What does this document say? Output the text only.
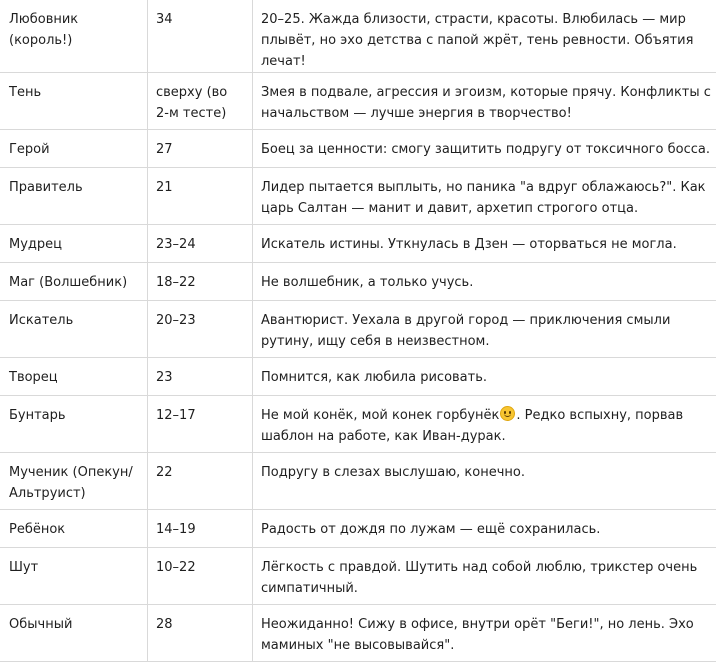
Любовник (король!)	34	20–25. Жажда близости, страсти, красоты. Влюбилась — мир плывёт, но эхо детства с папой жрёт, тень ревности. Объятия лечат!
Тень	сверху (во 2-м тесте)	Змея в подвале, агрессия и эгоизм, которые прячу. Конфликты с начальством — лучше энергия в творчество!
Герой	27	Боец за ценности: смогу защитить подругу от токсичного босса.
Правитель	21	Лидер пытается выплыть, но паника "а вдруг облажаюсь?". Как царь Салтан — манит и давит, архетип строгого отца.
Мудрец	23–24	Искатель истины. Уткнулась в Дзен — оторваться не могла.
Маг (Волшебник)	18–22	Не волшебник, а только учусь.
Искатель	20–23	Авантюрист. Уехала в другой город — приключения смыли рутину, ищу себя в неизвестном.
Творец	23	Помнится, как любила рисовать.
Бунтарь	12–17	Не мой конёк, мой конек горбунёк . Редко вспыхну, порвав шаблон на работе, как Иван-дурак.
Мученик (Опекун/Альтруист)	22	Подругу в слезах выслушаю, конечно.
Ребёнок	14–19	Радость от дождя по лужам — ещё сохранилась.
Шут	10–22	Лёгкость с правдой. Шутить над собой люблю, трикстер очень симпатичный.
Обычный	28	Неожиданно! Сижу в офисе, внутри орёт "Беги!", но лень. Эхо маминых "не высовывайся".
